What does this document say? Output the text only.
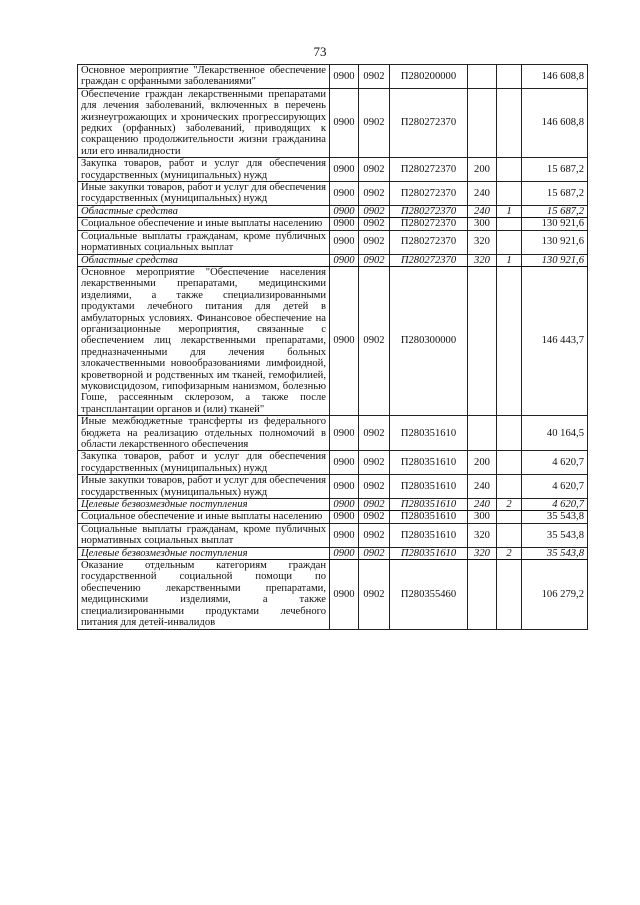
73
Основное мероприятие "Лекарственное обеспечение граждан с орфанными заболеваниями"	0900	0902	П280200000			146 608,8
Обеспечение граждан лекарственными препаратами для лечения заболеваний, включенных в перечень жизнеугрожающих и хронических прогрессирующих редких (орфанных) заболеваний, приводящих к сокращению продолжительности жизни гражданина или его инвалидности	0900	0902	П280272370			146 608,8
Закупка товаров, работ и услуг для обеспечения государственных (муниципальных) нужд	0900	0902	П280272370	200		15 687,2
Иные закупки товаров, работ и услуг для обеспечения государственных (муниципальных) нужд	0900	0902	П280272370	240		15 687,2
Областные средства	0900	0902	П280272370	240	1	15 687,2
Социальное обеспечение и иные выплаты населению	0900	0902	П280272370	300		130 921,6
Социальные выплаты гражданам, кроме публичных нормативных социальных выплат	0900	0902	П280272370	320		130 921,6
Областные средства	0900	0902	П280272370	320	1	130 921,6
Основное мероприятие "Обеспечение населения лекарственными препаратами, медицинскими изделиями, а также специализированными продуктами лечебного питания для детей в амбулаторных условиях. Финансовое обеспечение на организационные мероприятия, связанные с обеспечением лиц лекарственными препаратами, предназначенными для лечения больных злокачественными новообразованиями лимфоидной, кроветворной и родственных им тканей, гемофилией, муковисцидозом, гипофизарным нанизмом, болезнью Гоше, рассеянным склерозом, а также после трансплантации органов и (или) тканей"	0900	0902	П280300000			146 443,7
Иные межбюджетные трансферты из федерального бюджета на реализацию отдельных полномочий в области лекарственного обеспечения	0900	0902	П280351610			40 164,5
Закупка товаров, работ и услуг для обеспечения государственных (муниципальных) нужд	0900	0902	П280351610	200		4 620,7
Иные закупки товаров, работ и услуг для обеспечения государственных (муниципальных) нужд	0900	0902	П280351610	240		4 620,7
Целевые безвозмездные поступления	0900	0902	П280351610	240	2	4 620,7
Социальное обеспечение и иные выплаты населению	0900	0902	П280351610	300		35 543,8
Социальные выплаты гражданам, кроме публичных нормативных социальных выплат	0900	0902	П280351610	320		35 543,8
Целевые безвозмездные поступления	0900	0902	П280351610	320	2	35 543,8
Оказание отдельным категориям граждан государственной социальной помощи по обеспечению лекарственными препаратами, медицинскими изделиями, а также специализированными продуктами лечебного питания для детей-инвалидов	0900	0902	П280355460			106 279,2
